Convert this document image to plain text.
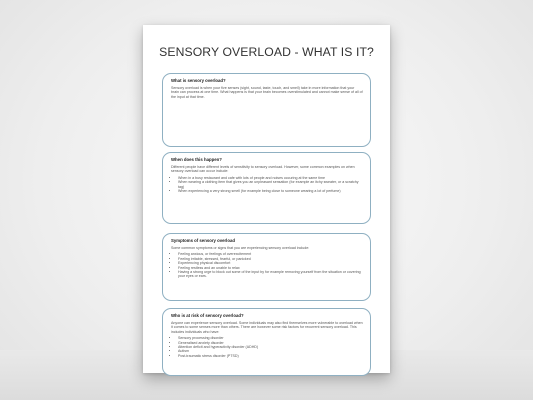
SENSORY OVERLOAD - WHAT IS IT?
What is sensory overload?

Sensory overload is when your five senses (sight, sound, taste, touch, and smell) take in more information that your brain can process at one time. What happens is that your brain becomes overstimulated and cannot make sense of all of the input at that time.

When does this happen?

Different people have different levels of sensitivity to sensory overload. However, some common examples on when sensory overload can occur include:

• When in a busy restaurant and cafe with lots of people and noises occuring at the same time
• When wearing a clothing item that gives you an unpleasant sensation (for example an itchy sweater, or a scratchy tag)
• When experiencing a very strong smell (for example being close to someone wearing a lot of perfume)
Symptoms of sensory overload

Some common symptoms or signs that you are experiencing sensory overload include:

• Feeling anxious, or feelings of overexcitement
• Feeling irritable, stressed, fearful, or panicked
• Experiencing physical discomfort
• Feeling restless and an unable to relax
• Having a strong urge to block out some of the input by for example removing yourself from the situation or covering your eyes or ears.
Who is at risk of sensory overload?

Anyone can experience sensory overload. Some individuals may also find themselves more vulnerable to overload when it comes to some senses more than others. There are however some risk factors for recurrent sensory overload. This includes individuals who have:

• Sensory processing disorder
• Generalised anxiety disorder
• Attention deficit and hyperactivity disorder (ADHD)
• Autism
• Post-traumatic stress disorder (PTSD)
